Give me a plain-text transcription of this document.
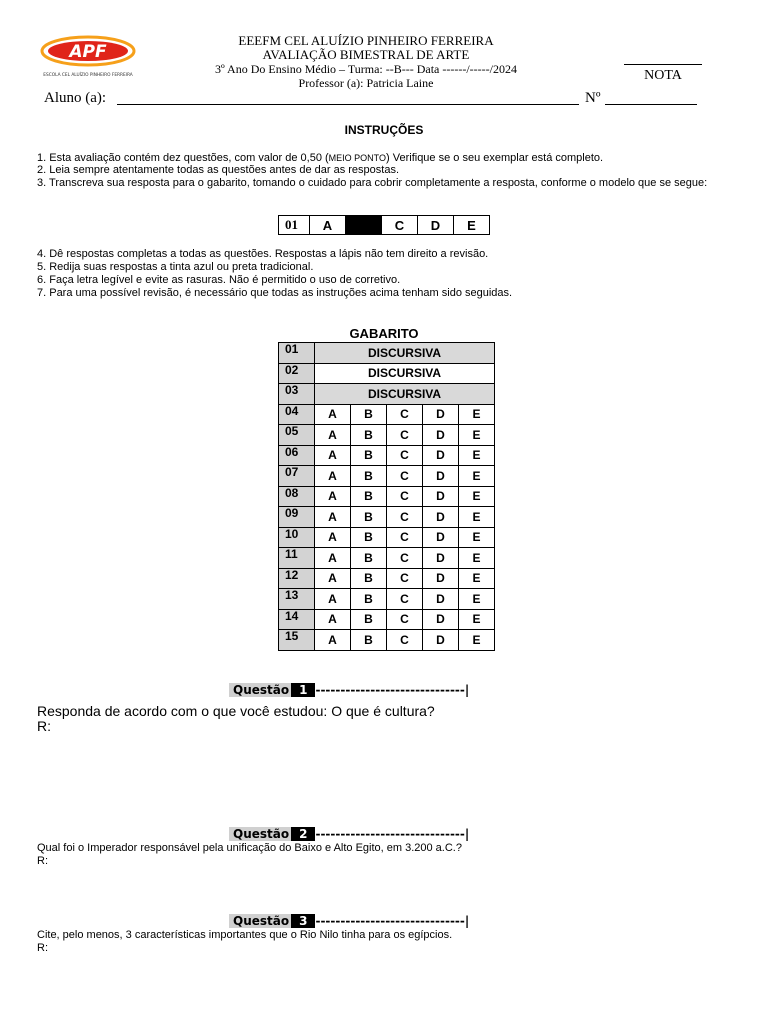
APF
ESCOLA CEL ALUÍZIO PINHEIRO FERREIRA
EEEFM CEL ALUÍZIO PINHEIRO FERREIRA
AVALIAÇÃO BIMESTRAL DE ARTE
3º Ano Do Ensino Médio – Turma: --B--- Data ------/-----/2024
Professor (a): Patricia Laine	NOTA
Aluno (a):	Nº
INSTRUÇÕES
1. Esta avaliação contém dez questões, com valor de 0,50 (MEIO PONTO) Verifique se o seu exemplar está completo.
2. Leia sempre atentamente todas as questões antes de dar as respostas.
3. Transcreva sua resposta para o gabarito, tomando o cuidado para cobrir completamente a resposta, conforme o modelo que se segue:
01	A		C	D	E
4. Dê respostas completas a todas as questões. Respostas a lápis não tem direito a revisão.
5. Redija suas respostas a tinta azul ou preta tradicional.
6. Faça letra legível e evite as rasuras. Não é permitido o uso de corretivo.
7. Para uma possível revisão, é necessário que todas as instruções acima tenham sido seguidas.
GABARITO
01	DISCURSIVA				
02	DISCURSIVA				
03	DISCURSIVA				
04	A	B	C	D	E
05	A	B	C	D	E
06	A	B	C	D	E
07	A	B	C	D	E
08	A	B	C	D	E
09	A	B	C	D	E
10	A	B	C	D	E
11	A	B	C	D	E
12	A	B	C	D	E
13	A	B	C	D	E
14	A	B	C	D	E
15	A	B	C	D	E
Questão 1 ------------------------------|
Responda de acordo com o que você estudou: O que é cultura?
R:
Questão 2 ------------------------------|
Qual foi o Imperador responsável pela unificação do Baixo e Alto Egito, em 3.200 a.C.?
R:
Questão 3 ------------------------------|
Cite, pelo menos, 3 características importantes que o Rio Nilo tinha para os egípcios.
R:
